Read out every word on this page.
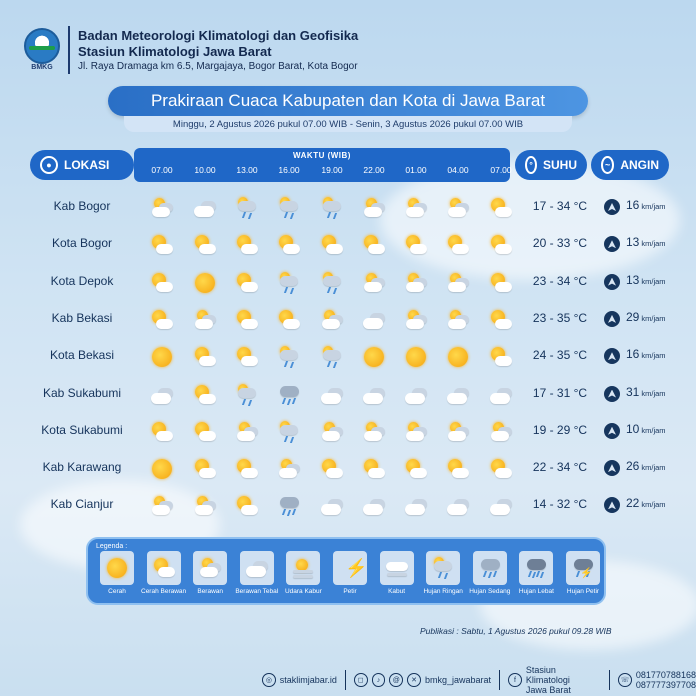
BMKG
Badan Meteorologi Klimatologi dan Geofisika
Stasiun Klimatologi Jawa Barat
Jl. Raya Dramaga km 6.5, Margajaya, Bogor Barat, Kota Bogor
Prakiraan Cuaca Kabupaten dan Kota di Jawa Barat
Minggu, 2 Agustus 2026 pukul 07.00 WIB - Senin, 3 Agustus 2026 pukul 07.00 WIB
●	LOKASI
WAKTU (WIB)
07.00	10.00	13.00	16.00	19.00	22.00	01.00	04.00	07.00	° SUHU	~ ANGIN
Kab Bogor	17 - 34 °C	16 km/jam
Kota Bogor	20 - 33 °C	13 km/jam
Kota Depok	23 - 34 °C	13 km/jam
Kab Bekasi	23 - 35 °C	29 km/jam
Kota Bekasi	24 - 35 °C	16 km/jam
Kab Sukabumi	17 - 31 °C	31 km/jam
Kota Sukabumi	19 - 29 °C	10 km/jam
Kab Karawang	22 - 34 °C	26 km/jam
Kab Cianjur	14 - 32 °C	22 km/jam
Legenda :
Cerah	Cerah Berawan	Berawan	Berawan Tebal	Udara Kabur
⚡
Petir	Kabut	Hujan Ringan Hujan Sedang	Hujan Lebat
⚡
Hujan Petir
Publikasi : Sabtu, 1 Agustus 2026 pukul 09.28 WIB
◎ staklimjabar.id	◻	♪	@	✕ bmkg_jawabarat	f
Stasiun Klimatologi
Jawa Barat
☏
081770788168
087777397708
